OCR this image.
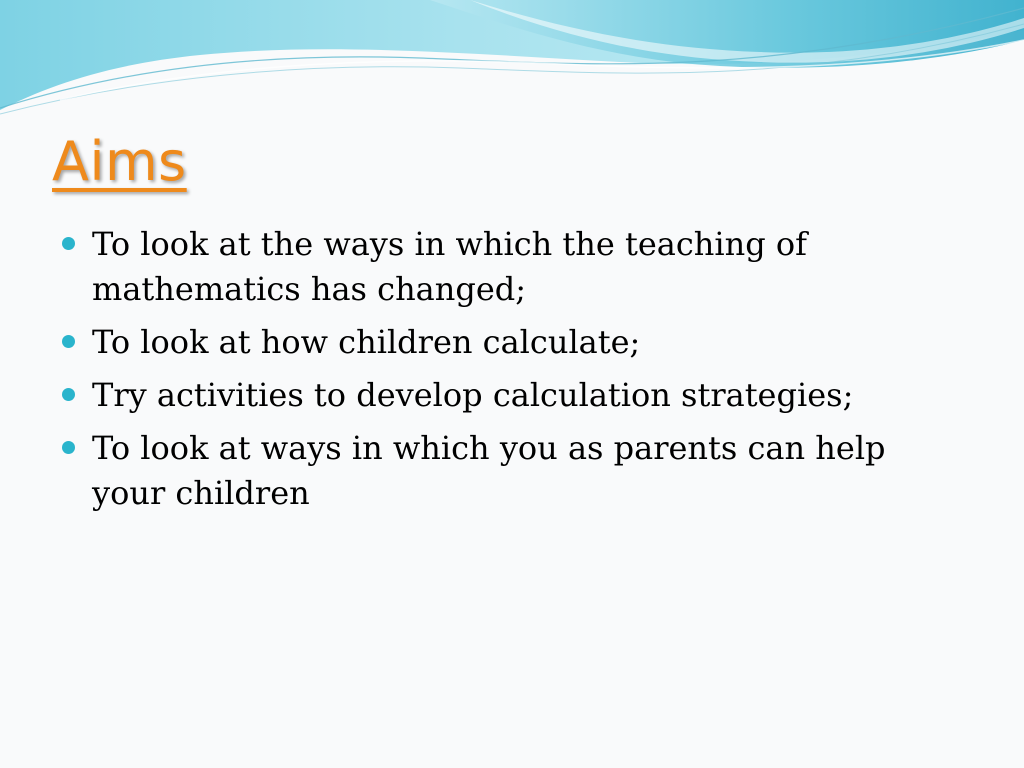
Aims
To look at the ways in which the teaching of mathematics has changed;
To look at how children calculate;
Try activities to develop calculation strategies;
To look at ways in which you as parents can help your children
